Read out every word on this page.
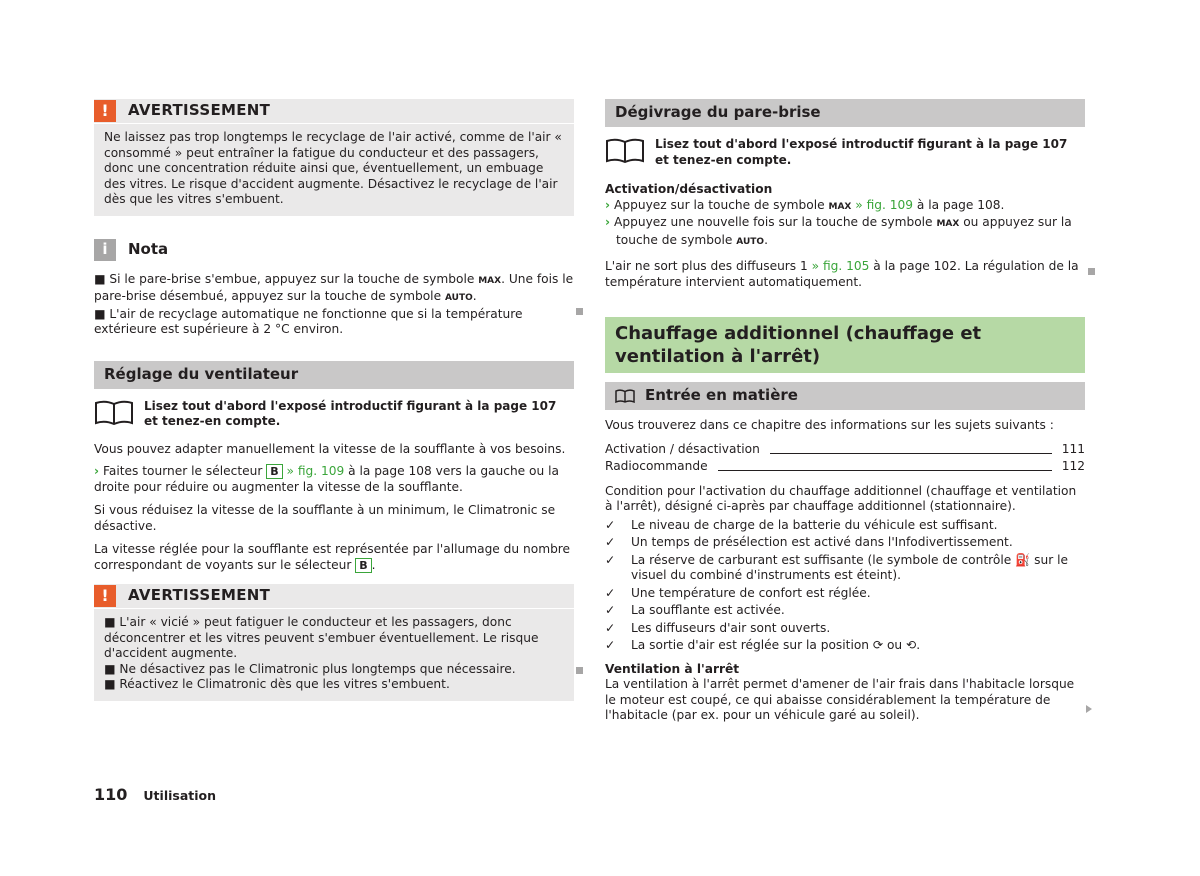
!	AVERTISSEMENT

Ne laissez pas trop longtemps le recyclage de l'air activé, comme de l'air « consommé » peut entraîner la fatigue du conducteur et des passagers, donc une concentration réduite ainsi que, éventuellement, un embuage des vitres. Le risque d'accident augmente. Désactivez le recyclage de l'air dès que les vitres s'embuent.

i	Nota

■ Si le pare-brise s'embue, appuyez sur la touche de symbole MAX. Une fois le pare-brise désembué, appuyez sur la touche de symbole AUTO.

■ L'air de recyclage automatique ne fonctionne que si la température extérieure est supérieure à 2 °C environ.

Réglage du ventilateur
Lisez tout d'abord l'exposé introductif figurant à la page 107 et tenez-en compte.

Vous pouvez adapter manuellement la vitesse de la soufflante à vos besoins.

› Faites tourner le sélecteur B » fig. 109 à la page 108 vers la gauche ou la droite pour réduire ou augmenter la vitesse de la soufflante.

Si vous réduisez la vitesse de la soufflante à un minimum, le Climatronic se désactive.

La vitesse réglée pour la soufflante est représentée par l'allumage du nombre correspondant de voyants sur le sélecteur B .

!	AVERTISSEMENT

■ L'air « vicié » peut fatiguer le conducteur et les passagers, donc déconcentrer et les vitres peuvent s'embuer éventuellement. Le risque d'accident augmente.

■ Ne désactivez pas le Climatronic plus longtemps que nécessaire.

■ Réactivez le Climatronic dès que les vitres s'embuent.

Dégivrage du pare-brise
Lisez tout d'abord l'exposé introductif figurant à la page 107 et tenez-en compte.

Activation/désactivation

› Appuyez sur la touche de symbole MAX » fig. 109 à la page 108.

› Appuyez une nouvelle fois sur la touche de symbole MAX ou appuyez sur la touche de symbole AUTO.

L'air ne sort plus des diffuseurs 1 » fig. 105 à la page 102. La régulation de la température intervient automatiquement.

Chauffage additionnel (chauffage et ventilation à l'arrêt)
Entrée en matière

Vous trouverez dans ce chapitre des informations sur les sujets suivants :

Activation / désactivation	111
Radiocommande	112

Condition pour l'activation du chauffage additionnel (chauffage et ventilation à l'arrêt), désigné ci-après par chauffage additionnel (stationnaire).

✓	Le niveau de charge de la batterie du véhicule est suffisant.
✓	Un temps de présélection est activé dans l'Infodivertissement.
✓	La réserve de carburant est suffisante (le symbole de contrôle ⛽ sur le visuel du combiné d'instruments est éteint).
✓	Une température de confort est réglée.
✓	La soufflante est activée.
✓	Les diffuseurs d'air sont ouverts.
✓	La sortie d'air est réglée sur la position ⟳ ou ⟲.

Ventilation à l'arrêt

La ventilation à l'arrêt permet d'amener de l'air frais dans l'habitacle lorsque le moteur est coupé, ce qui abaisse considérablement la température de l'habitacle (par ex. pour un véhicule garé au soleil).

110 Utilisation
